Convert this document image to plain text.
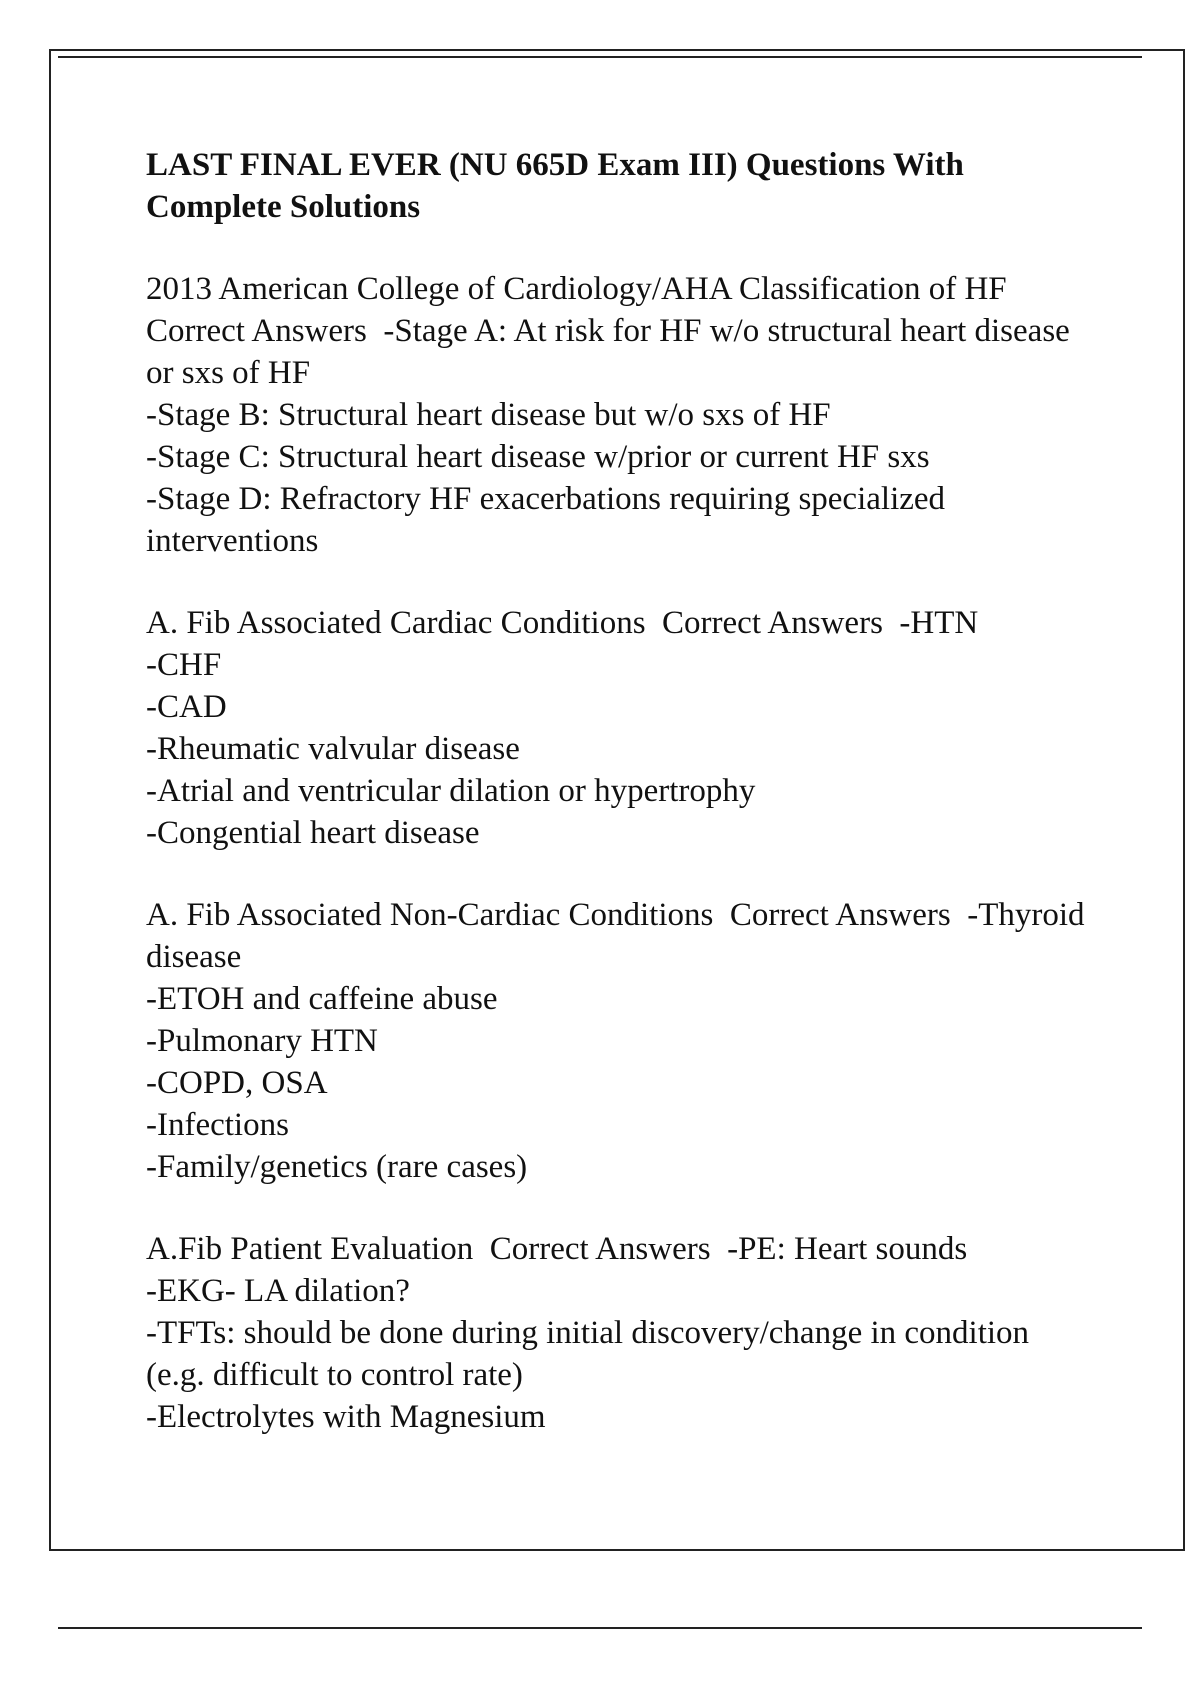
LAST FINAL EVER (NU 665D Exam III) Questions With Complete Solutions
2013 American College of Cardiology/AHA Classification of HF  Correct Answers  -Stage A: At risk for HF w/o structural heart disease or sxs of HF
-Stage B: Structural heart disease but w/o sxs of HF
-Stage C: Structural heart disease w/prior or current HF sxs
-Stage D: Refractory HF exacerbations requiring specialized interventions
A. Fib Associated Cardiac Conditions  Correct Answers  -HTN
-CHF
-CAD
-Rheumatic valvular disease
-Atrial and ventricular dilation or hypertrophy
-Congential heart disease
A. Fib Associated Non-Cardiac Conditions  Correct Answers  -Thyroid disease
-ETOH and caffeine abuse
-Pulmonary HTN
-COPD, OSA
-Infections
-Family/genetics (rare cases)
A.Fib Patient Evaluation  Correct Answers  -PE: Heart sounds
-EKG- LA dilation?
-TFTs: should be done during initial discovery/change in condition (e.g. difficult to control rate)
-Electrolytes with Magnesium
